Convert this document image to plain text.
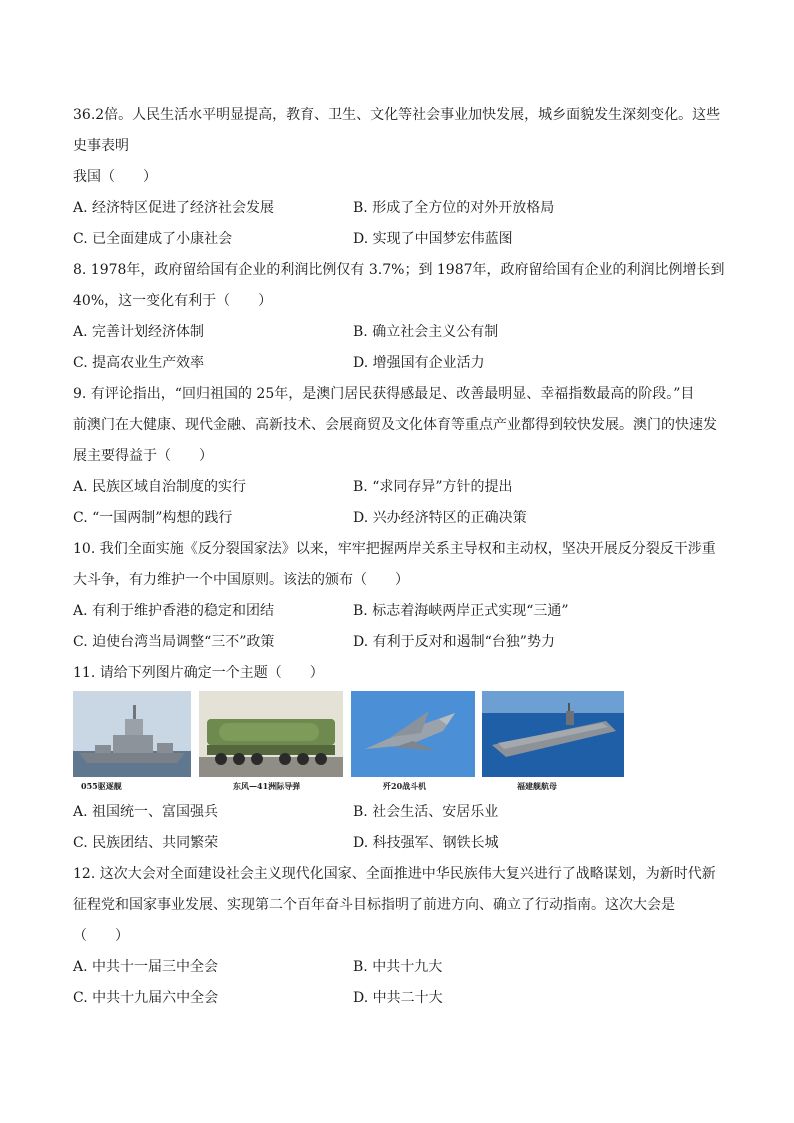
36.2倍。人民生活水平明显提高，教育、卫生、文化等社会事业加快发展，城乡面貌发生深刻变化。这些
史事表明
我国（　　）
A. 经济特区促进了经济社会发展	B. 形成了全方位的对外开放格局
C. 已全面建成了小康社会	D. 实现了中国梦宏伟蓝图
8. 1978年，政府留给国有企业的利润比例仅有 3.7%；到 1987年，政府留给国有企业的利润比例增长到
40%，这一变化有利于（　　）
A. 完善计划经济体制	B. 确立社会主义公有制
C. 提高农业生产效率	D. 增强国有企业活力
9. 有评论指出，“回归祖国的 25年，是澳门居民获得感最足、改善最明显、幸福指数最高的阶段。”目
前澳门在大健康、现代金融、高新技术、会展商贸及文化体育等重点产业都得到较快发展。澳门的快速发
展主要得益于（　　）
A. 民族区域自治制度的实行	B. “求同存异”方针的提出
C. “一国两制”构想的践行	D. 兴办经济特区的正确决策
10. 我们全面实施《反分裂国家法》以来，牢牢把握两岸关系主导权和主动权，坚决开展反分裂反干涉重
大斗争，有力维护一个中国原则。该法的颁布（　　）
A. 有利于维护香港的稳定和团结	B. 标志着海峡两岸正式实现“三通”
C. 迫使台湾当局调整“三不”政策	D. 有利于反对和遏制“台独”势力
11. 请给下列图片确定一个主题（　　）
055驱逐舰	东风—41洲际导弹	歼20战斗机	福建舰航母
A. 祖国统一、富国强兵	B. 社会生活、安居乐业
C. 民族团结、共同繁荣	D. 科技强军、钢铁长城
12. 这次大会对全面建设社会主义现代化国家、全面推进中华民族伟大复兴进行了战略谋划，为新时代新
征程党和国家事业发展、实现第二个百年奋斗目标指明了前进方向、确立了行动指南。这次大会是
（　　）
A. 中共十一届三中全会	B. 中共十九大
C. 中共十九届六中全会	D. 中共二十大
